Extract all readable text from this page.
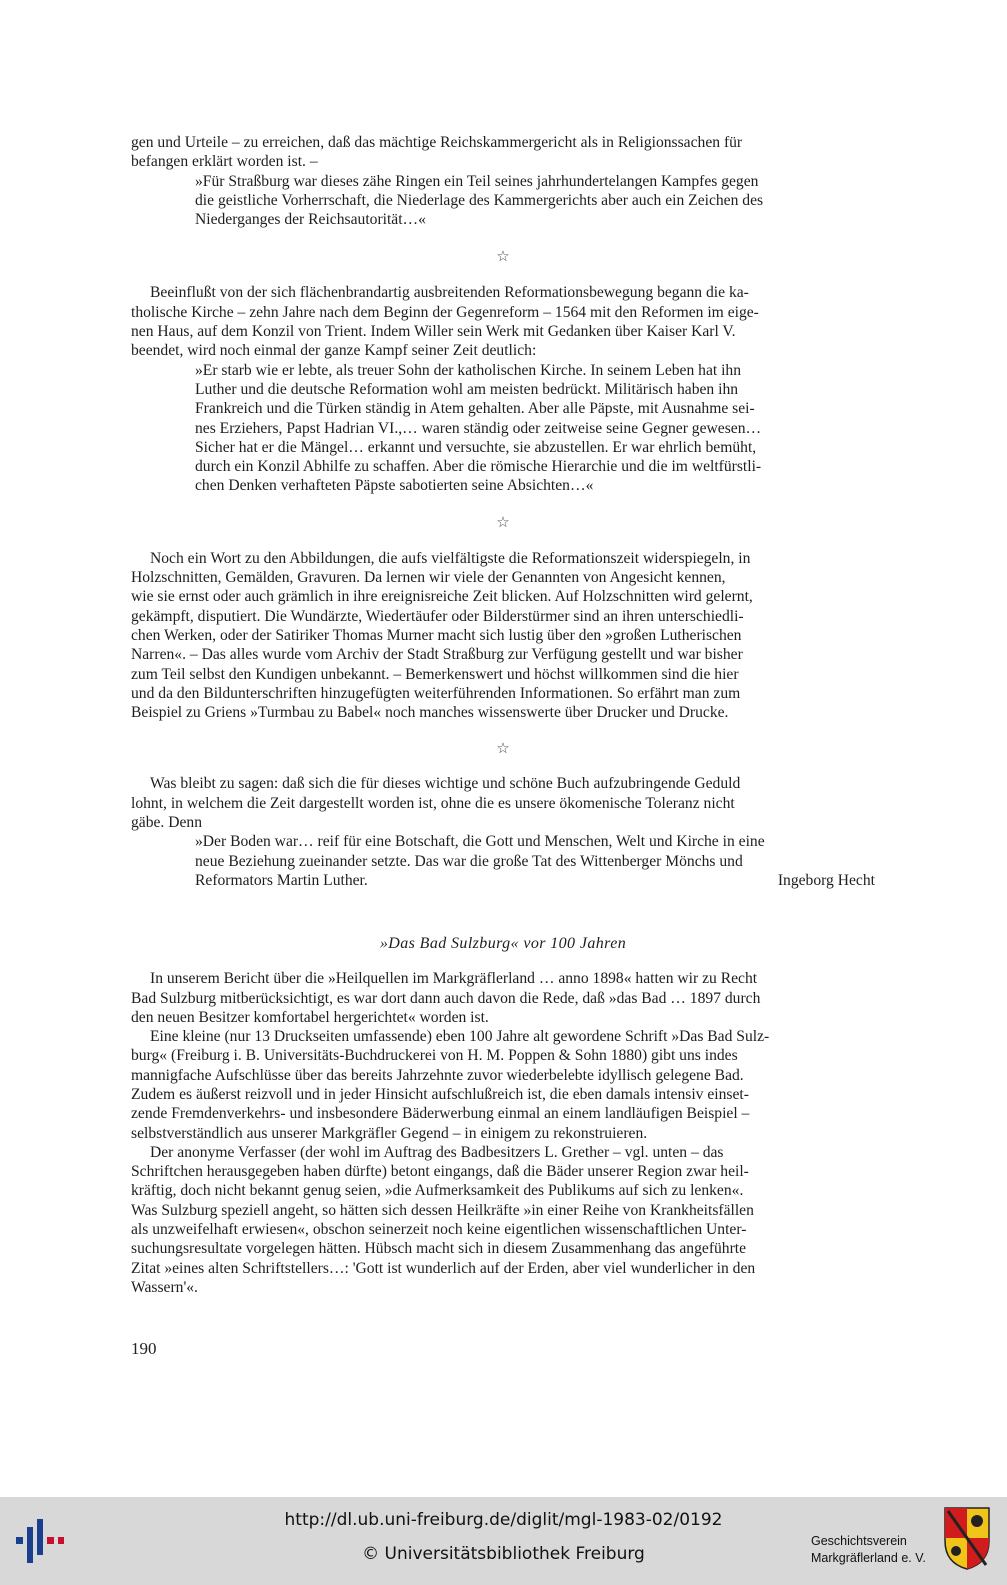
gen und Urteile – zu erreichen, daß das mächtige Reichskammergericht als in Religionssachen für

befangen erklärt worden ist. –

»Für Straßburg war dieses zähe Ringen ein Teil seines jahrhundertelangen Kampfes gegen
die geistliche Vorherrschaft, die Niederlage des Kammergerichts aber auch ein Zeichen des
Niederganges der Reichsautorität…«
☆

Beeinflußt von der sich flächenbrandartig ausbreitenden Reformationsbewegung begann die ka-

tholische Kirche – zehn Jahre nach dem Beginn der Gegenreform – 1564 mit den Reformen im eige-

nen Haus, auf dem Konzil von Trient. Indem Willer sein Werk mit Gedanken über Kaiser Karl V.

beendet, wird noch einmal der ganze Kampf seiner Zeit deutlich:

»Er starb wie er lebte, als treuer Sohn der katholischen Kirche. In seinem Leben hat ihn
Luther und die deutsche Reformation wohl am meisten bedrückt. Militärisch haben ihn
Frankreich und die Türken ständig in Atem gehalten. Aber alle Päpste, mit Ausnahme sei-
nes Erziehers, Papst Hadrian VI.,… waren ständig oder zeitweise seine Gegner gewesen…
Sicher hat er die Mängel… erkannt und versuchte, sie abzustellen. Er war ehrlich bemüht,
durch ein Konzil Abhilfe zu schaffen. Aber die römische Hierarchie und die im weltfürstli-
chen Denken verhafteten Päpste sabotierten seine Absichten…«
☆

Noch ein Wort zu den Abbildungen, die aufs vielfältigste die Reformationszeit widerspiegeln, in

Holzschnitten, Gemälden, Gravuren. Da lernen wir viele der Genannten von Angesicht kennen,

wie sie ernst oder auch grämlich in ihre ereignisreiche Zeit blicken. Auf Holzschnitten wird gelernt,

gekämpft, disputiert. Die Wundärzte, Wiedertäufer oder Bilderstürmer sind an ihren unterschiedli-

chen Werken, oder der Satiriker Thomas Murner macht sich lustig über den »großen Lutherischen

Narren«. – Das alles wurde vom Archiv der Stadt Straßburg zur Verfügung gestellt und war bisher

zum Teil selbst den Kundigen unbekannt. – Bemerkenswert und höchst willkommen sind die hier

und da den Bildunterschriften hinzugefügten weiterführenden Informationen. So erfährt man zum

Beispiel zu Griens »Turmbau zu Babel« noch manches wissenswerte über Drucker und Drucke.

☆

Was bleibt zu sagen: daß sich die für dieses wichtige und schöne Buch aufzubringende Geduld

lohnt, in welchem die Zeit dargestellt worden ist, ohne die es unsere ökomenische Toleranz nicht

gäbe. Denn

»Der Boden war… reif für eine Botschaft, die Gott und Menschen, Welt und Kirche in eine
neue Beziehung zueinander setzte. Das war die große Tat des Wittenberger Mönchs und
Reformators Martin Luther.	Ingeborg Hecht
»Das Bad Sulzburg« vor 100 Jahren

In unserem Bericht über die »Heilquellen im Markgräflerland … anno 1898« hatten wir zu Recht

Bad Sulzburg mitberücksichtigt, es war dort dann auch davon die Rede, daß »das Bad … 1897 durch

den neuen Besitzer komfortabel hergerichtet« worden ist.

Eine kleine (nur 13 Druckseiten umfassende) eben 100 Jahre alt gewordene Schrift »Das Bad Sulz-

burg« (Freiburg i. B. Universitäts-Buchdruckerei von H. M. Poppen & Sohn 1880) gibt uns indes

mannigfache Aufschlüsse über das bereits Jahrzehnte zuvor wiederbelebte idyllisch gelegene Bad.

Zudem es äußerst reizvoll und in jeder Hinsicht aufschlußreich ist, die eben damals intensiv einset-

zende Fremdenverkehrs- und insbesondere Bäderwerbung einmal an einem landläufigen Beispiel –

selbstverständlich aus unserer Markgräfler Gegend – in einigem zu rekonstruieren.

Der anonyme Verfasser (der wohl im Auftrag des Badbesitzers L. Grether – vgl. unten – das

Schriftchen herausgegeben haben dürfte) betont eingangs, daß die Bäder unserer Region zwar heil-

kräftig, doch nicht bekannt genug seien, »die Aufmerksamkeit des Publikums auf sich zu lenken«.

Was Sulzburg speziell angeht, so hätten sich dessen Heilkräfte »in einer Reihe von Krankheitsfällen

als unzweifelhaft erwiesen«, obschon seinerzeit noch keine eigentlichen wissenschaftlichen Unter-

suchungsresultate vorgelegen hätten. Hübsch macht sich in diesem Zusammenhang das angeführte

Zitat »eines alten Schriftstellers…: 'Gott ist wunderlich auf der Erden, aber viel wunderlicher in den

Wassern'«.

190
http://dl.ub.uni-freiburg.de/diglit/mgl-1983-02/0192
© Universitätsbibliothek Freiburg
Geschichtsverein
Markgräflerland e. V.
